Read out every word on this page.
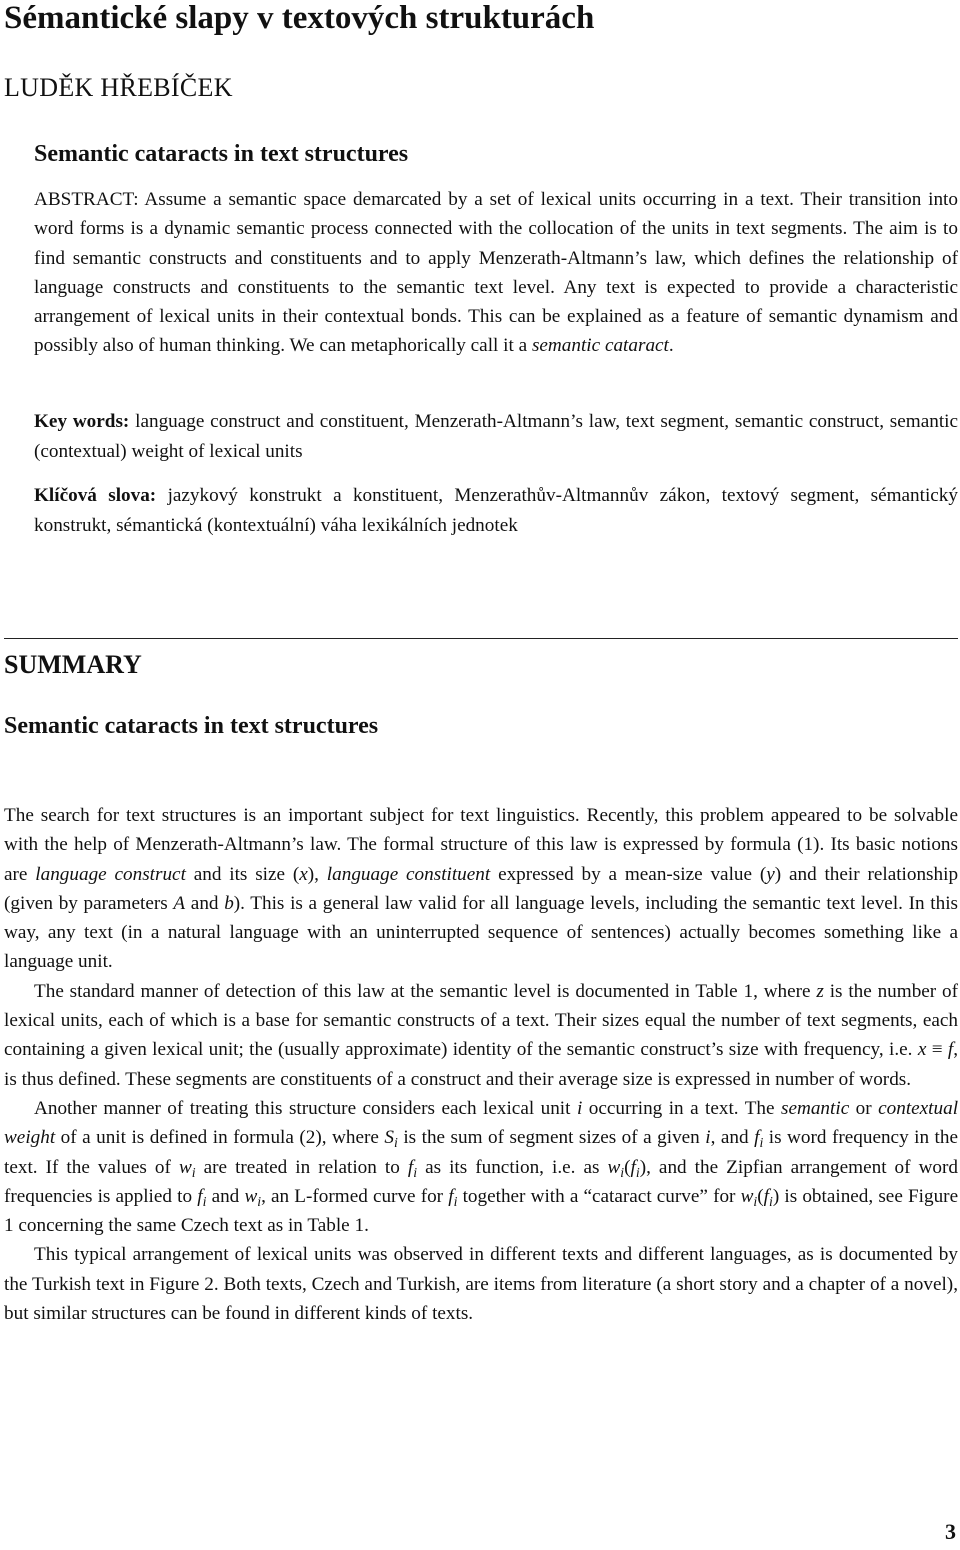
Sémantické slapy v textových strukturách
LUDĚK HŘEBÍČEK
Semantic cataracts in text structures

ABSTRACT: Assume a semantic space demarcated by a set of lexical units occurring in a text. Their transition into word forms is a dynamic semantic process connected with the collocation of the units in text segments. The aim is to find semantic constructs and constituents and to apply Menzerath-Altmann’s law, which defines the relationship of language constructs and constituents to the semantic text level. Any text is expected to provide a characteristic arrangement of lexical units in their contextual bonds. This can be explained as a feature of semantic dynamism and possibly also of human thinking. We can metaphorically call it a semantic cataract.

Key words: language construct and constituent, Menzerath-Altmann’s law, text segment, semantic construct, semantic (contextual) weight of lexical units

Klíčová slova: jazykový konstrukt a konstituent, Menzerathův-Altmannův zákon, textový segment, sémantický konstrukt, sémantická (kontextuální) váha lexikálních jednotek

SUMMARY
Semantic cataracts in text structures

The search for text structures is an important subject for text linguistics. Recently, this problem appeared to be solvable with the help of Menzerath-Altmann’s law. The formal structure of this law is expressed by formula (1). Its basic notions are language construct and its size (x), language constituent expressed by a mean-size value (y) and their relationship (given by parameters A and b). This is a general law valid for all language levels, including the semantic text level. In this way, any text (in a natural language with an uninterrupted sequence of sentences) actually becomes something like a language unit.

The standard manner of detection of this law at the semantic level is documented in Table 1, where z is the number of lexical units, each of which is a base for semantic constructs of a text. Their sizes equal the number of text segments, each containing a given lexical unit; the (usually approximate) identity of the semantic construct’s size with frequency, i.e. x ≡ f, is thus defined. These segments are constituents of a construct and their average size is expressed in number of words.

Another manner of treating this structure considers each lexical unit i occurring in a text. The semantic or contextual weight of a unit is defined in formula (2), where $S_i$ is the sum of segment sizes of a given i, and $f_i$ is word frequency in the text. If the values of $w_i$ are treated in relation to $f_i$ as its function, i.e. as $w_i(f_i)$, and the Zipfian arrangement of word frequencies is applied to $f_i$ and $w_i$, an L-formed curve for $f_i$ together with a “cataract curve” for $w_i(f_i)$ is obtained, see Figure 1 concerning the same Czech text as in Table 1.

This typical arrangement of lexical units was observed in different texts and different languages, as is documented by the Turkish text in Figure 2. Both texts, Czech and Turkish, are items from literature (a short story and a chapter of a novel), but similar structures can be found in different kinds of texts.

3
